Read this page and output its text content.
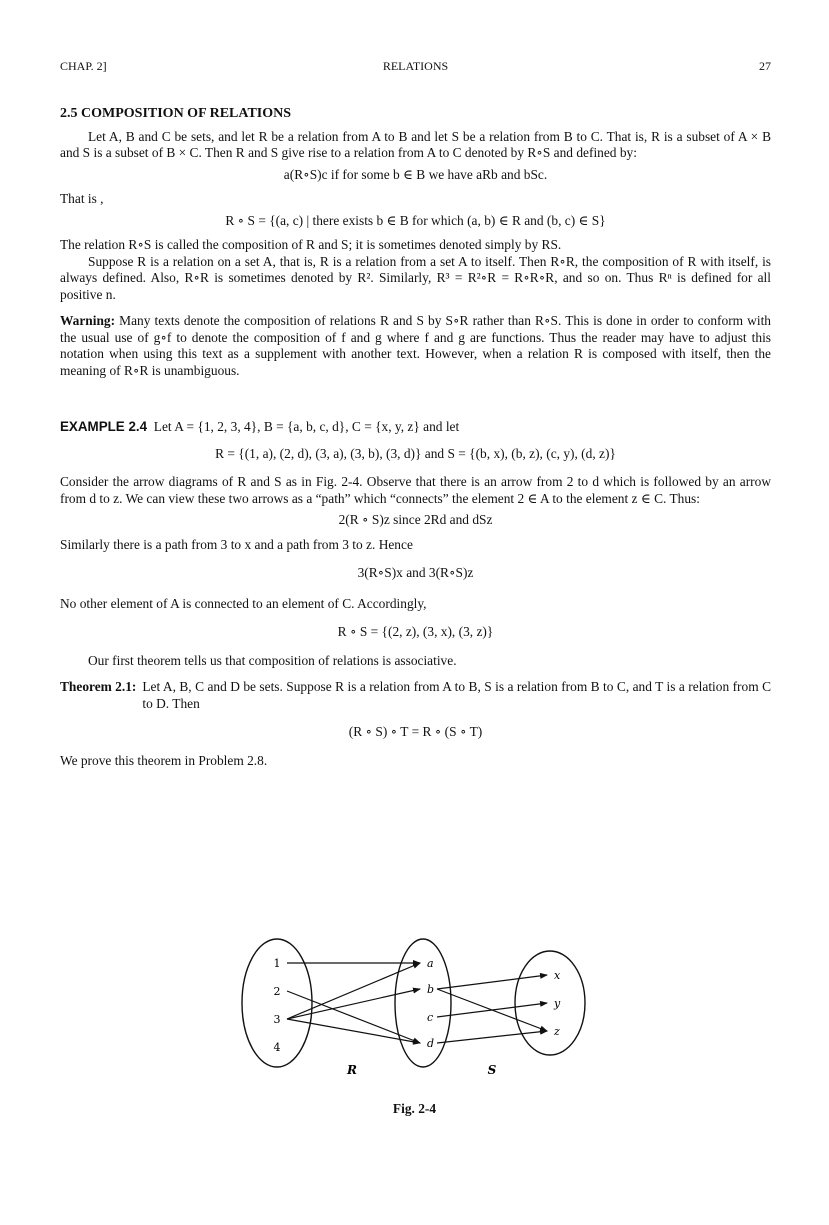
CHAP. 2]	RELATIONS	27
2.5 COMPOSITION OF RELATIONS

Let A, B and C be sets, and let R be a relation from A to B and let S be a relation from B to C. That is, R is a subset of A × B and S is a subset of B × C. Then R and S give rise to a relation from A to C denoted by R∘S and defined by:

a(R∘S)c if for some b ∈ B we have aRb and bSc.

That is ,

R ∘ S = {(a, c) | there exists b ∈ B for which (a, b) ∈ R and (b, c) ∈ S}

The relation R∘S is called the composition of R and S; it is sometimes denoted simply by RS.

Suppose R is a relation on a set A, that is, R is a relation from a set A to itself. Then R∘R, the composition of R with itself, is always defined. Also, R∘R is sometimes denoted by R². Similarly, R³ = R²∘R = R∘R∘R, and so on. Thus Rⁿ is defined for all positive n.

Warning: Many texts denote the composition of relations R and S by S∘R rather than R∘S. This is done in order to conform with the usual use of g∘f to denote the composition of f and g where f and g are functions. Thus the reader may have to adjust this notation when using this text as a supplement with another text. However, when a relation R is composed with itself, then the meaning of R∘R is unambiguous.

EXAMPLE 2.4 Let A = {1, 2, 3, 4}, B = {a, b, c, d}, C = {x, y, z} and let

R = {(1, a), (2, d), (3, a), (3, b), (3, d)} and S = {(b, x), (b, z), (c, y), (d, z)}

Consider the arrow diagrams of R and S as in Fig. 2-4. Observe that there is an arrow from 2 to d which is followed by an arrow from d to z. We can view these two arrows as a “path” which “connects” the element 2 ∈ A to the element z ∈ C. Thus:

2(R ∘ S)z since 2Rd and dSz

Similarly there is a path from 3 to x and a path from 3 to z. Hence

3(R∘S)x and 3(R∘S)z

No other element of A is connected to an element of C. Accordingly,

R ∘ S = {(2, z), (3, x), (3, z)}

Our first theorem tells us that composition of relations is associative.

Theorem 2.1: Let A, B, C and D be sets. Suppose R is a relation from A to B, S is a relation from B to C, and T is a relation from C to D. Then
(R ∘ S) ∘ T = R ∘ (S ∘ T)

We prove this theorem in Problem 2.8.

1
2
3
4
a
b
c
d
x
y
z
R	S
Fig. 2-4
